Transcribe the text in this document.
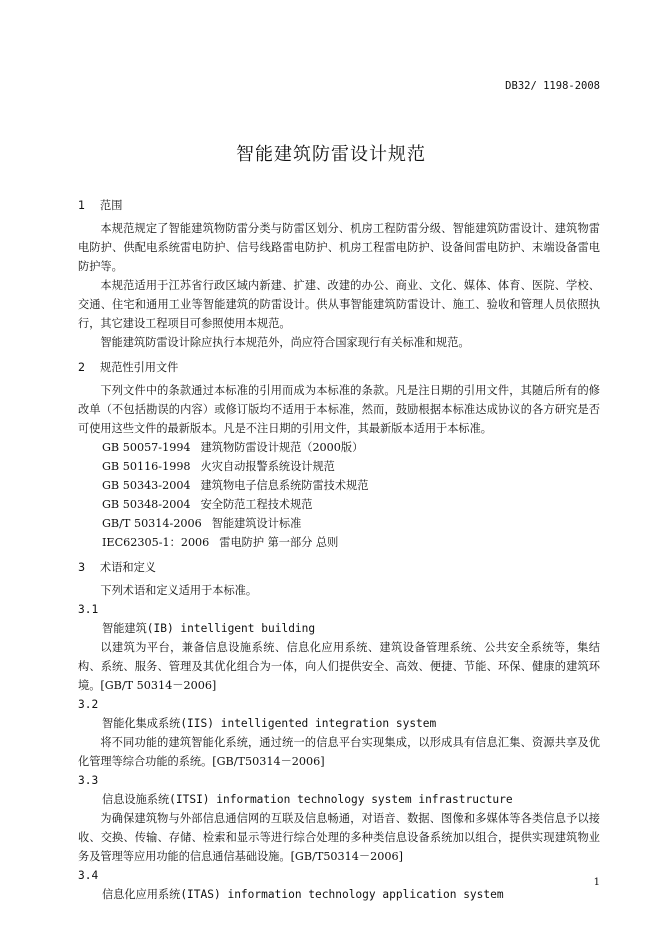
DB32/ 1198-2008
智能建筑防雷设计规范
1 范围

本规范规定了智能建筑物防雷分类与防雷区划分、机房工程防雷分级、智能建筑防雷设计、建筑物雷电防护、供配电系统雷电防护、信号线路雷电防护、机房工程雷电防护、设备间雷电防护、末端设备雷电防护等。

本规范适用于江苏省行政区域内新建、扩建、改建的办公、商业、文化、媒体、体育、医院、学校、交通、住宅和通用工业等智能建筑的防雷设计。供从事智能建筑防雷设计、施工、验收和管理人员依照执行，其它建设工程项目可参照使用本规范。

智能建筑防雷设计除应执行本规范外，尚应符合国家现行有关标准和规范。

2 规范性引用文件

下列文件中的条款通过本标准的引用而成为本标准的条款。凡是注日期的引用文件，其随后所有的修改单（不包括勘误的内容）或修订版均不适用于本标准，然而，鼓励根据本标准达成协议的各方研究是否可使用这些文件的最新版本。凡是不注日期的引用文件，其最新版本适用于本标准。

GB 50057-1994 建筑物防雷设计规范（2000版）
GB 50116-1998 火灾自动报警系统设计规范
GB 50343-2004 建筑物电子信息系统防雷技术规范
GB 50348-2004 安全防范工程技术规范
GB/T 50314-2006 智能建筑设计标准
IEC62305-1：2006 雷电防护 第一部分 总则
3 术语和定义

下列术语和定义适用于本标准。

3.1
智能建筑(IB) intelligent building

以建筑为平台，兼备信息设施系统、信息化应用系统、建筑设备管理系统、公共安全系统等，集结构、系统、服务、管理及其优化组合为一体，向人们提供安全、高效、便捷、节能、环保、健康的建筑环境。[GB/T 50314－2006]

3.2
智能化集成系统(IIS) intelligented integration system

将不同功能的建筑智能化系统，通过统一的信息平台实现集成，以形成具有信息汇集、资源共享及优化管理等综合功能的系统。[GB/T50314－2006]

3.3
信息设施系统(ITSI) information technology system infrastructure

为确保建筑物与外部信息通信网的互联及信息畅通，对语音、数据、图像和多媒体等各类信息予以接收、交换、传输、存储、检索和显示等进行综合处理的多种类信息设备系统加以组合，提供实现建筑物业务及管理等应用功能的信息通信基础设施。[GB/T50314－2006]

3.4
信息化应用系统(ITAS) information technology application system
1
